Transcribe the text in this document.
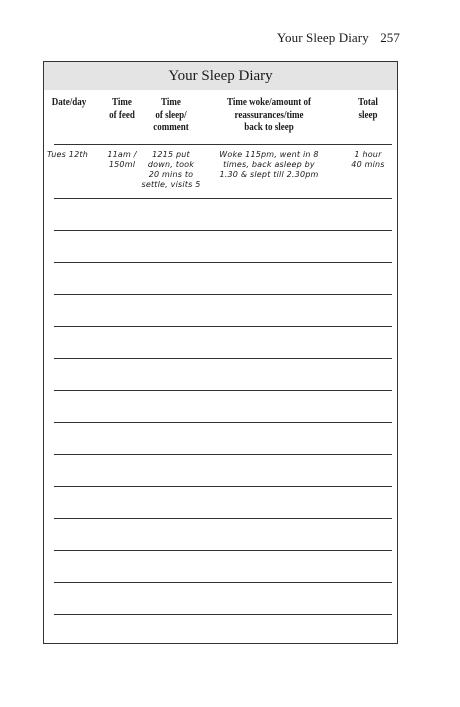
Your Sleep Diary 257
Your Sleep Diary
Date/day	Time
of feed
Time
of sleep/
comment
Time woke/amount of
reassurances/time
back to sleep
Total
sleep
Tues 12th	11am /
150ml
1215 put
down, took
20 mins to
settle, visits 5
Woke 115pm, went in 8
times, back asleep by
1.30 & slept till 2.30pm
1 hour
40 mins
